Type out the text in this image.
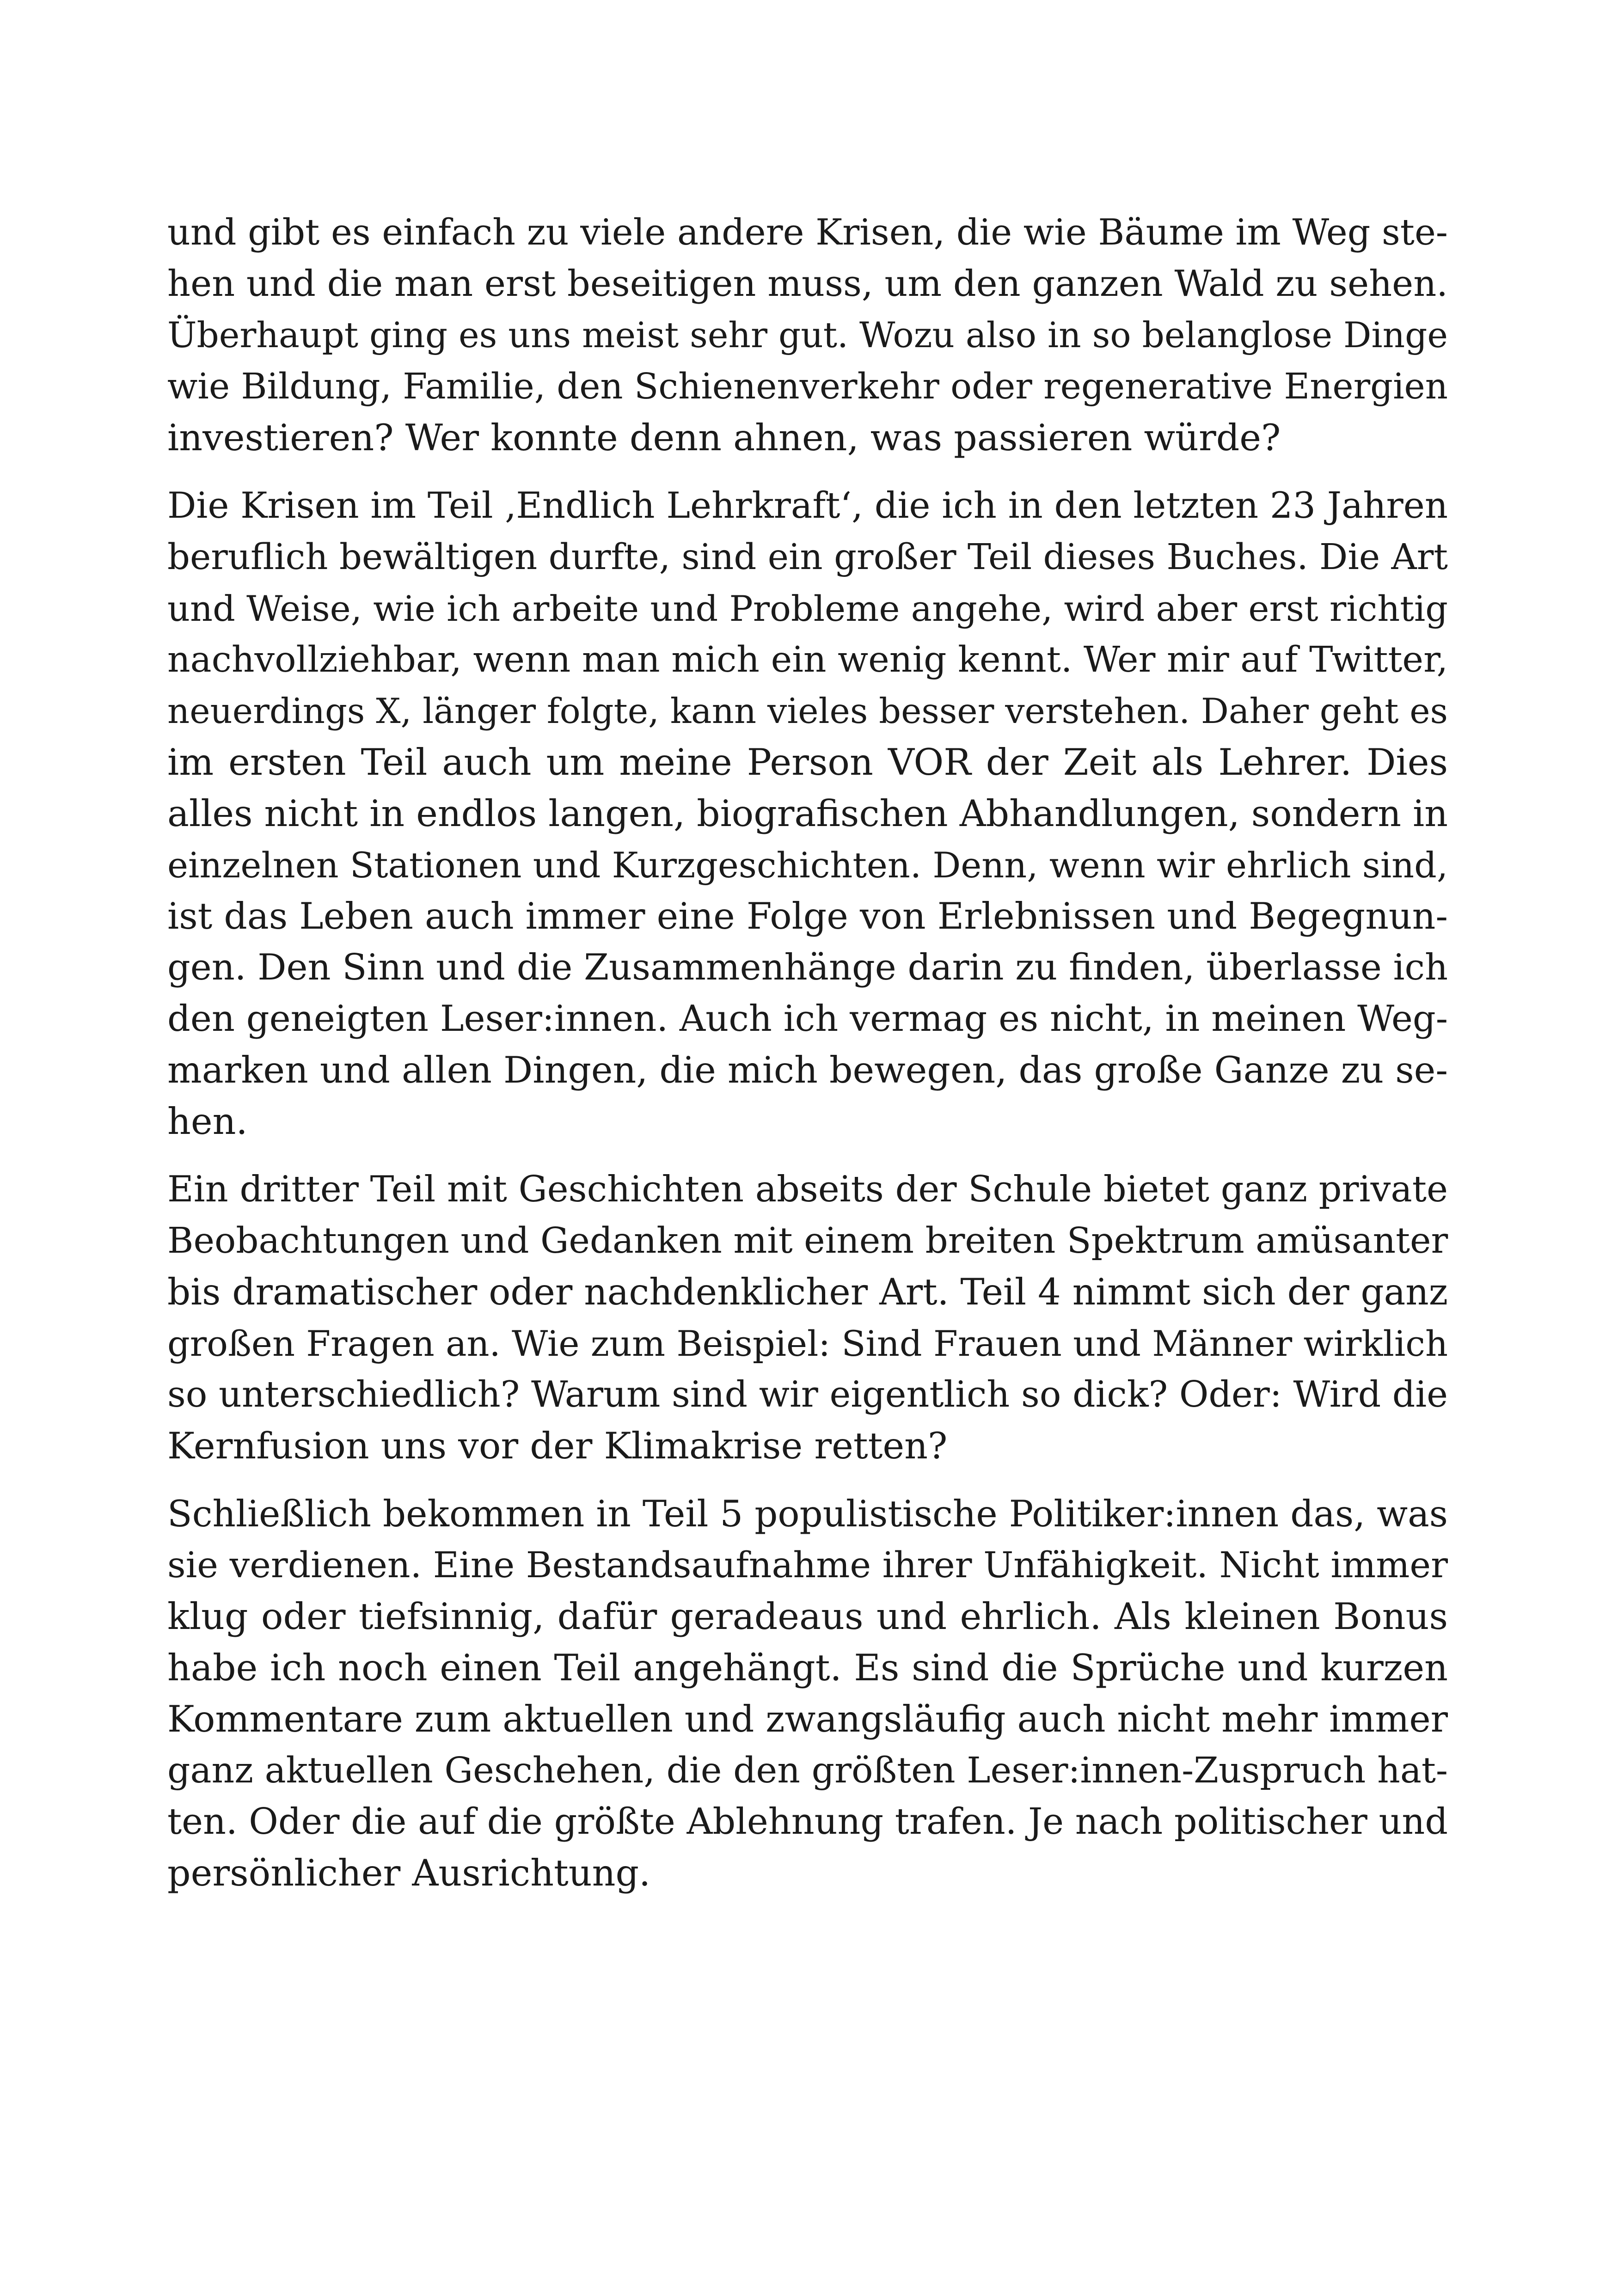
und gibt es einfach zu viele andere Krisen, die wie Bäume im Weg ste-
hen und die man erst beseitigen muss, um den ganzen Wald zu sehen.
Überhaupt ging es uns meist sehr gut. Wozu also in so belanglose Dinge
wie Bildung, Familie, den Schienenverkehr oder regenerative Energien
investieren? Wer konnte denn ahnen, was passieren würde?
Die Krisen im Teil ‚Endlich Lehrkraft‘, die ich in den letzten 23 Jahren
beruflich bewältigen durfte, sind ein großer Teil dieses Buches. Die Art
und Weise, wie ich arbeite und Probleme angehe, wird aber erst richtig
nachvollziehbar, wenn man mich ein wenig kennt. Wer mir auf Twitter,
neuerdings X, länger folgte, kann vieles besser verstehen. Daher geht es
im ersten Teil auch um meine Person VOR der Zeit als Lehrer. Dies
alles nicht in endlos langen, biografischen Abhandlungen, sondern in
einzelnen Stationen und Kurzgeschichten. Denn, wenn wir ehrlich sind,
ist das Leben auch immer eine Folge von Erlebnissen und Begegnun-
gen. Den Sinn und die Zusammenhänge darin zu finden, überlasse ich
den geneigten Leser:innen. Auch ich vermag es nicht, in meinen Weg-
marken und allen Dingen, die mich bewegen, das große Ganze zu se-
hen.
Ein dritter Teil mit Geschichten abseits der Schule bietet ganz private
Beobachtungen und Gedanken mit einem breiten Spektrum amüsanter
bis dramatischer oder nachdenklicher Art. Teil 4 nimmt sich der ganz
großen Fragen an. Wie zum Beispiel: Sind Frauen und Männer wirklich
so unterschiedlich? Warum sind wir eigentlich so dick? Oder: Wird die
Kernfusion uns vor der Klimakrise retten?
Schließlich bekommen in Teil 5 populistische Politiker:innen das, was
sie verdienen. Eine Bestandsaufnahme ihrer Unfähigkeit. Nicht immer
klug oder tiefsinnig, dafür geradeaus und ehrlich. Als kleinen Bonus
habe ich noch einen Teil angehängt. Es sind die Sprüche und kurzen
Kommentare zum aktuellen und zwangsläufig auch nicht mehr immer
ganz aktuellen Geschehen, die den größten Leser:innen-Zuspruch hat-
ten. Oder die auf die größte Ablehnung trafen. Je nach politischer und
persönlicher Ausrichtung.
